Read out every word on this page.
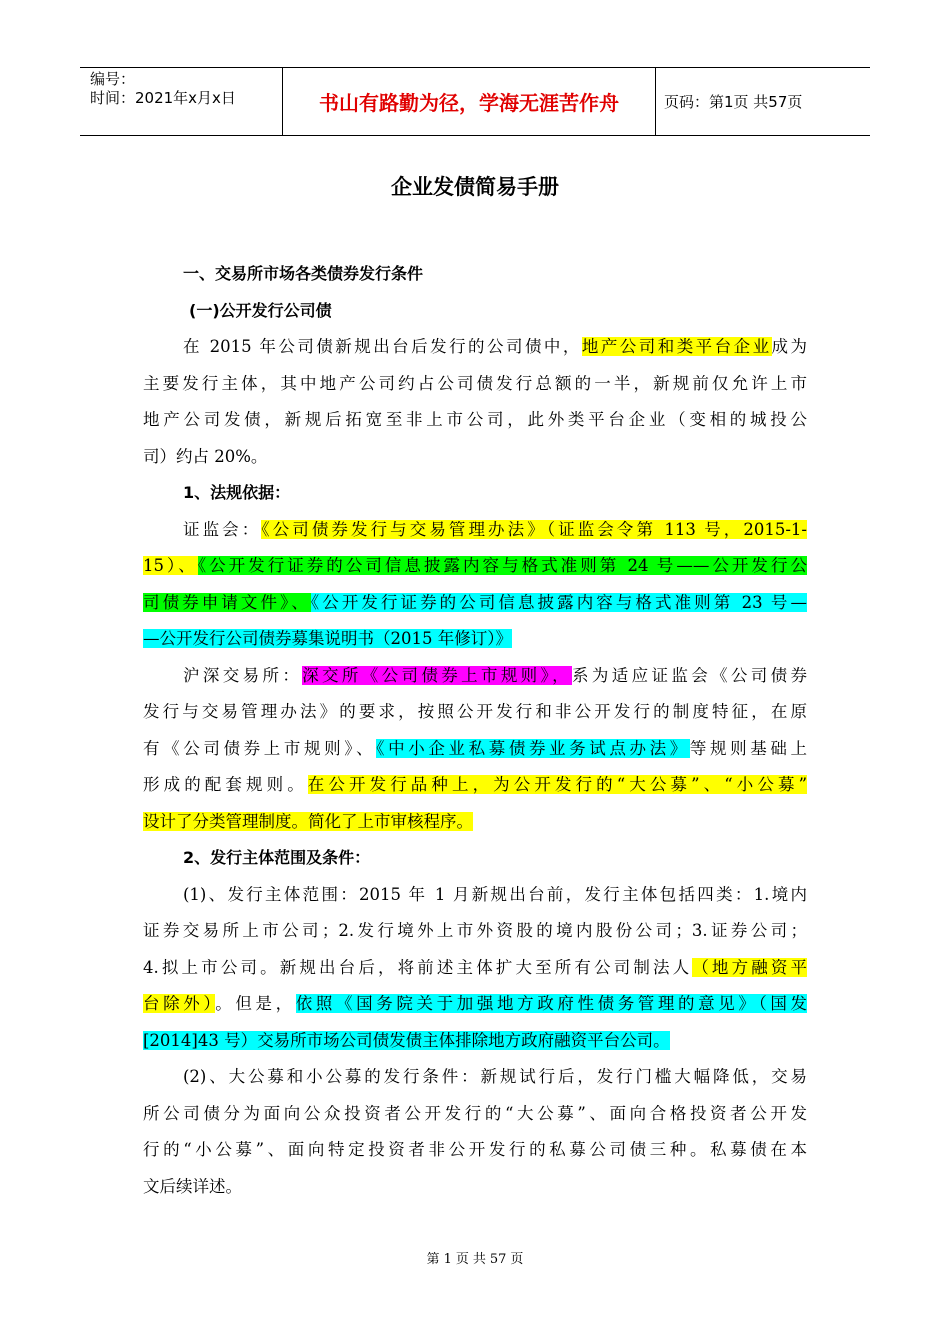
编号：
时间：2021年x月x日	书山有路勤为径，学海无涯苦作舟	页码：第1页 共57页
企业发债简易手册
一、交易所市场各类债券发行条件
(一)公开发行公司债
在 2015 年公司债新规出台后发行的公司债中，地产公司和类平台企业成为
主要发行主体，其中地产公司约占公司债发行总额的一半，新规前仅允许上市
地产公司发债，新规后拓宽至非上市公司，此外类平台企业（变相的城投公
司）约占 20%。
1、法规依据：
证监会：《公司债券发行与交易管理办法》（证监会令第 113 号，2015-1-
15）、《公开发行证券的公司信息披露内容与格式准则第 24 号——公开发行公
司债券申请文件》、《公开发行证券的公司信息披露内容与格式准则第 23 号—
—公开发行公司债券募集说明书（2015 年修订）》
沪深交易所：深交所《公司债券上市规则》，系为适应证监会《公司债券
发行与交易管理办法》的要求，按照公开发行和非公开发行的制度特征，在原
有《公司债券上市规则》、《中小企业私募债券业务试点办法》等规则基础上
形成的配套规则。在公开发行品种上，为公开发行的“大公募”、“小公募”
设计了分类管理制度。简化了上市审核程序。
2、发行主体范围及条件：
(1)、发行主体范围：2015 年 1 月新规出台前，发行主体包括四类：1.境内
证券交易所上市公司；2.发行境外上市外资股的境内股份公司；3.证券公司；
4.拟上市公司。新规出台后，将前述主体扩大至所有公司制法人（地方融资平
台除外）。但是，依照《国务院关于加强地方政府性债务管理的意见》（国发
[2014]43 号）交易所市场公司债发债主体排除地方政府融资平台公司。
(2)、大公募和小公募的发行条件：新规试行后，发行门槛大幅降低，交易
所公司债分为面向公众投资者公开发行的“大公募”、面向合格投资者公开发
行的“小公募”、面向特定投资者非公开发行的私募公司债三种。私募债在本
文后续详述。
第 1 页 共 57 页
